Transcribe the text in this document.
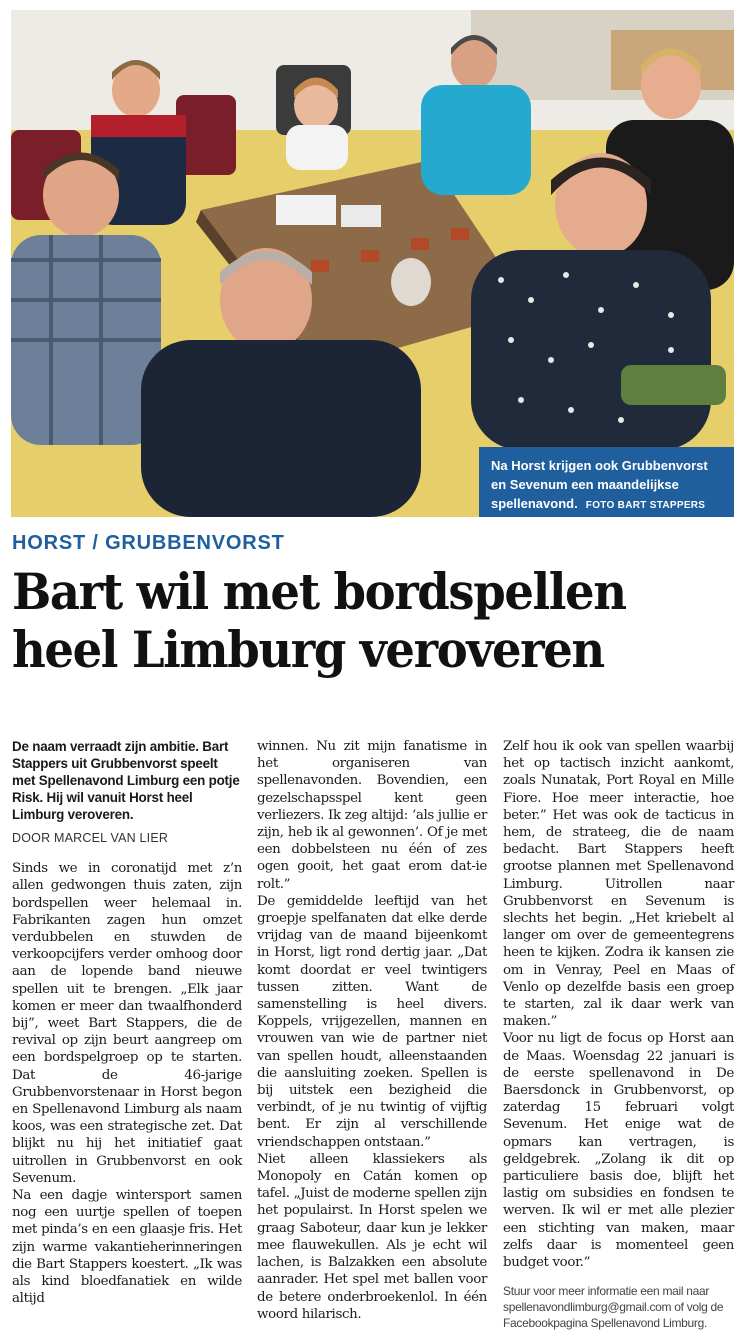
Na Horst krijgen ook Grubbenvorst en Sevenum een maandelijkse spellenavond. FOTO BART STAPPERS
HORST / GRUBBENVORST
Bart wil met bordspellen
heel Limburg veroveren

De naam verraadt zijn ambitie. Bart Stappers uit Grubbenvorst speelt met Spellenavond Limburg een potje Risk. Hij wil vanuit Horst heel Limburg veroveren.

DOOR MARCEL VAN LIER

Sinds we in coronatijd met z’n allen gedwongen thuis zaten, zijn bordspellen weer helemaal in. Fabrikanten zagen hun omzet verdubbelen en stuwden de verkoopcijfers verder omhoog door aan de lopende band nieuwe spellen uit te brengen. „Elk jaar komen er meer dan twaalfhonderd bij”, weet Bart Stappers, die de revival op zijn beurt aangreep om een bordspelgroep op te starten. Dat de 46-jarige Grubbenvorstenaar in Horst begon en Spellenavond Limburg als naam koos, was een strategische zet. Dat blijkt nu hij het initiatief gaat uitrollen in Grubbenvorst en ook Sevenum.

Na een dagje wintersport samen nog een uurtje spellen of toepen met pinda’s en een glaasje fris. Het zijn warme vakantieherinneringen die Bart Stappers koestert. „Ik was als kind bloedfanatiek en wilde altijd

winnen. Nu zit mijn fanatisme in het organiseren van spellenavonden. Bovendien, een gezelschapsspel kent geen verliezers. Ik zeg altijd: ‘als jullie er zijn, heb ik al gewonnen’. Of je met een dobbelsteen nu één of zes ogen gooit, het gaat erom dat-ie rolt.”

De gemiddelde leeftijd van het groepje spelfanaten dat elke derde vrijdag van de maand bijeenkomt in Horst, ligt rond dertig jaar. „Dat komt doordat er veel twintigers tussen zitten. Want de samenstelling is heel divers. Koppels, vrijgezellen, mannen en vrouwen van wie de partner niet van spellen houdt, alleenstaanden die aansluiting zoeken. Spellen is bij uitstek een bezigheid die verbindt, of je nu twintig of vijftig bent. Er zijn al verschillende vriendschappen ontstaan.”

Niet alleen klassiekers als Monopoly en Catán komen op tafel. „Juist de moderne spellen zijn het populairst. In Horst spelen we graag Saboteur, daar kun je lekker mee flauwekullen. Als je echt wil lachen, is Balzakken een absolute aanrader. Het spel met ballen voor de betere onderbroekenlol. In één woord hilarisch.

Zelf hou ik ook van spellen waarbij het op tactisch inzicht aankomt, zoals Nunatak, Port Royal en Mille Fiore. Hoe meer interactie, hoe beter.” Het was ook de tacticus in hem, de strateeg, die de naam bedacht. Bart Stappers heeft grootse plannen met Spellenavond Limburg. Uitrollen naar Grubbenvorst en Sevenum is slechts het begin. „Het kriebelt al langer om over de gemeentegrens heen te kijken. Zodra ik kansen zie om in Venray, Peel en Maas of Venlo op dezelfde basis een groep te starten, zal ik daar werk van maken.”

Voor nu ligt de focus op Horst aan de Maas. Woensdag 22 januari is de eerste spellenavond in De Baersdonck in Grubbenvorst, op zaterdag 15 februari volgt Sevenum. Het enige wat de opmars kan vertragen, is geldgebrek. „Zolang ik dit op particuliere basis doe, blijft het lastig om subsidies en fondsen te werven. Ik wil er met alle plezier een stichting van maken, maar zelfs daar is momenteel geen budget voor.”

Stuur voor meer informatie een mail naar spellenavondlimburg@gmail.com of volg de Facebookpagina Spellenavond Limburg.
